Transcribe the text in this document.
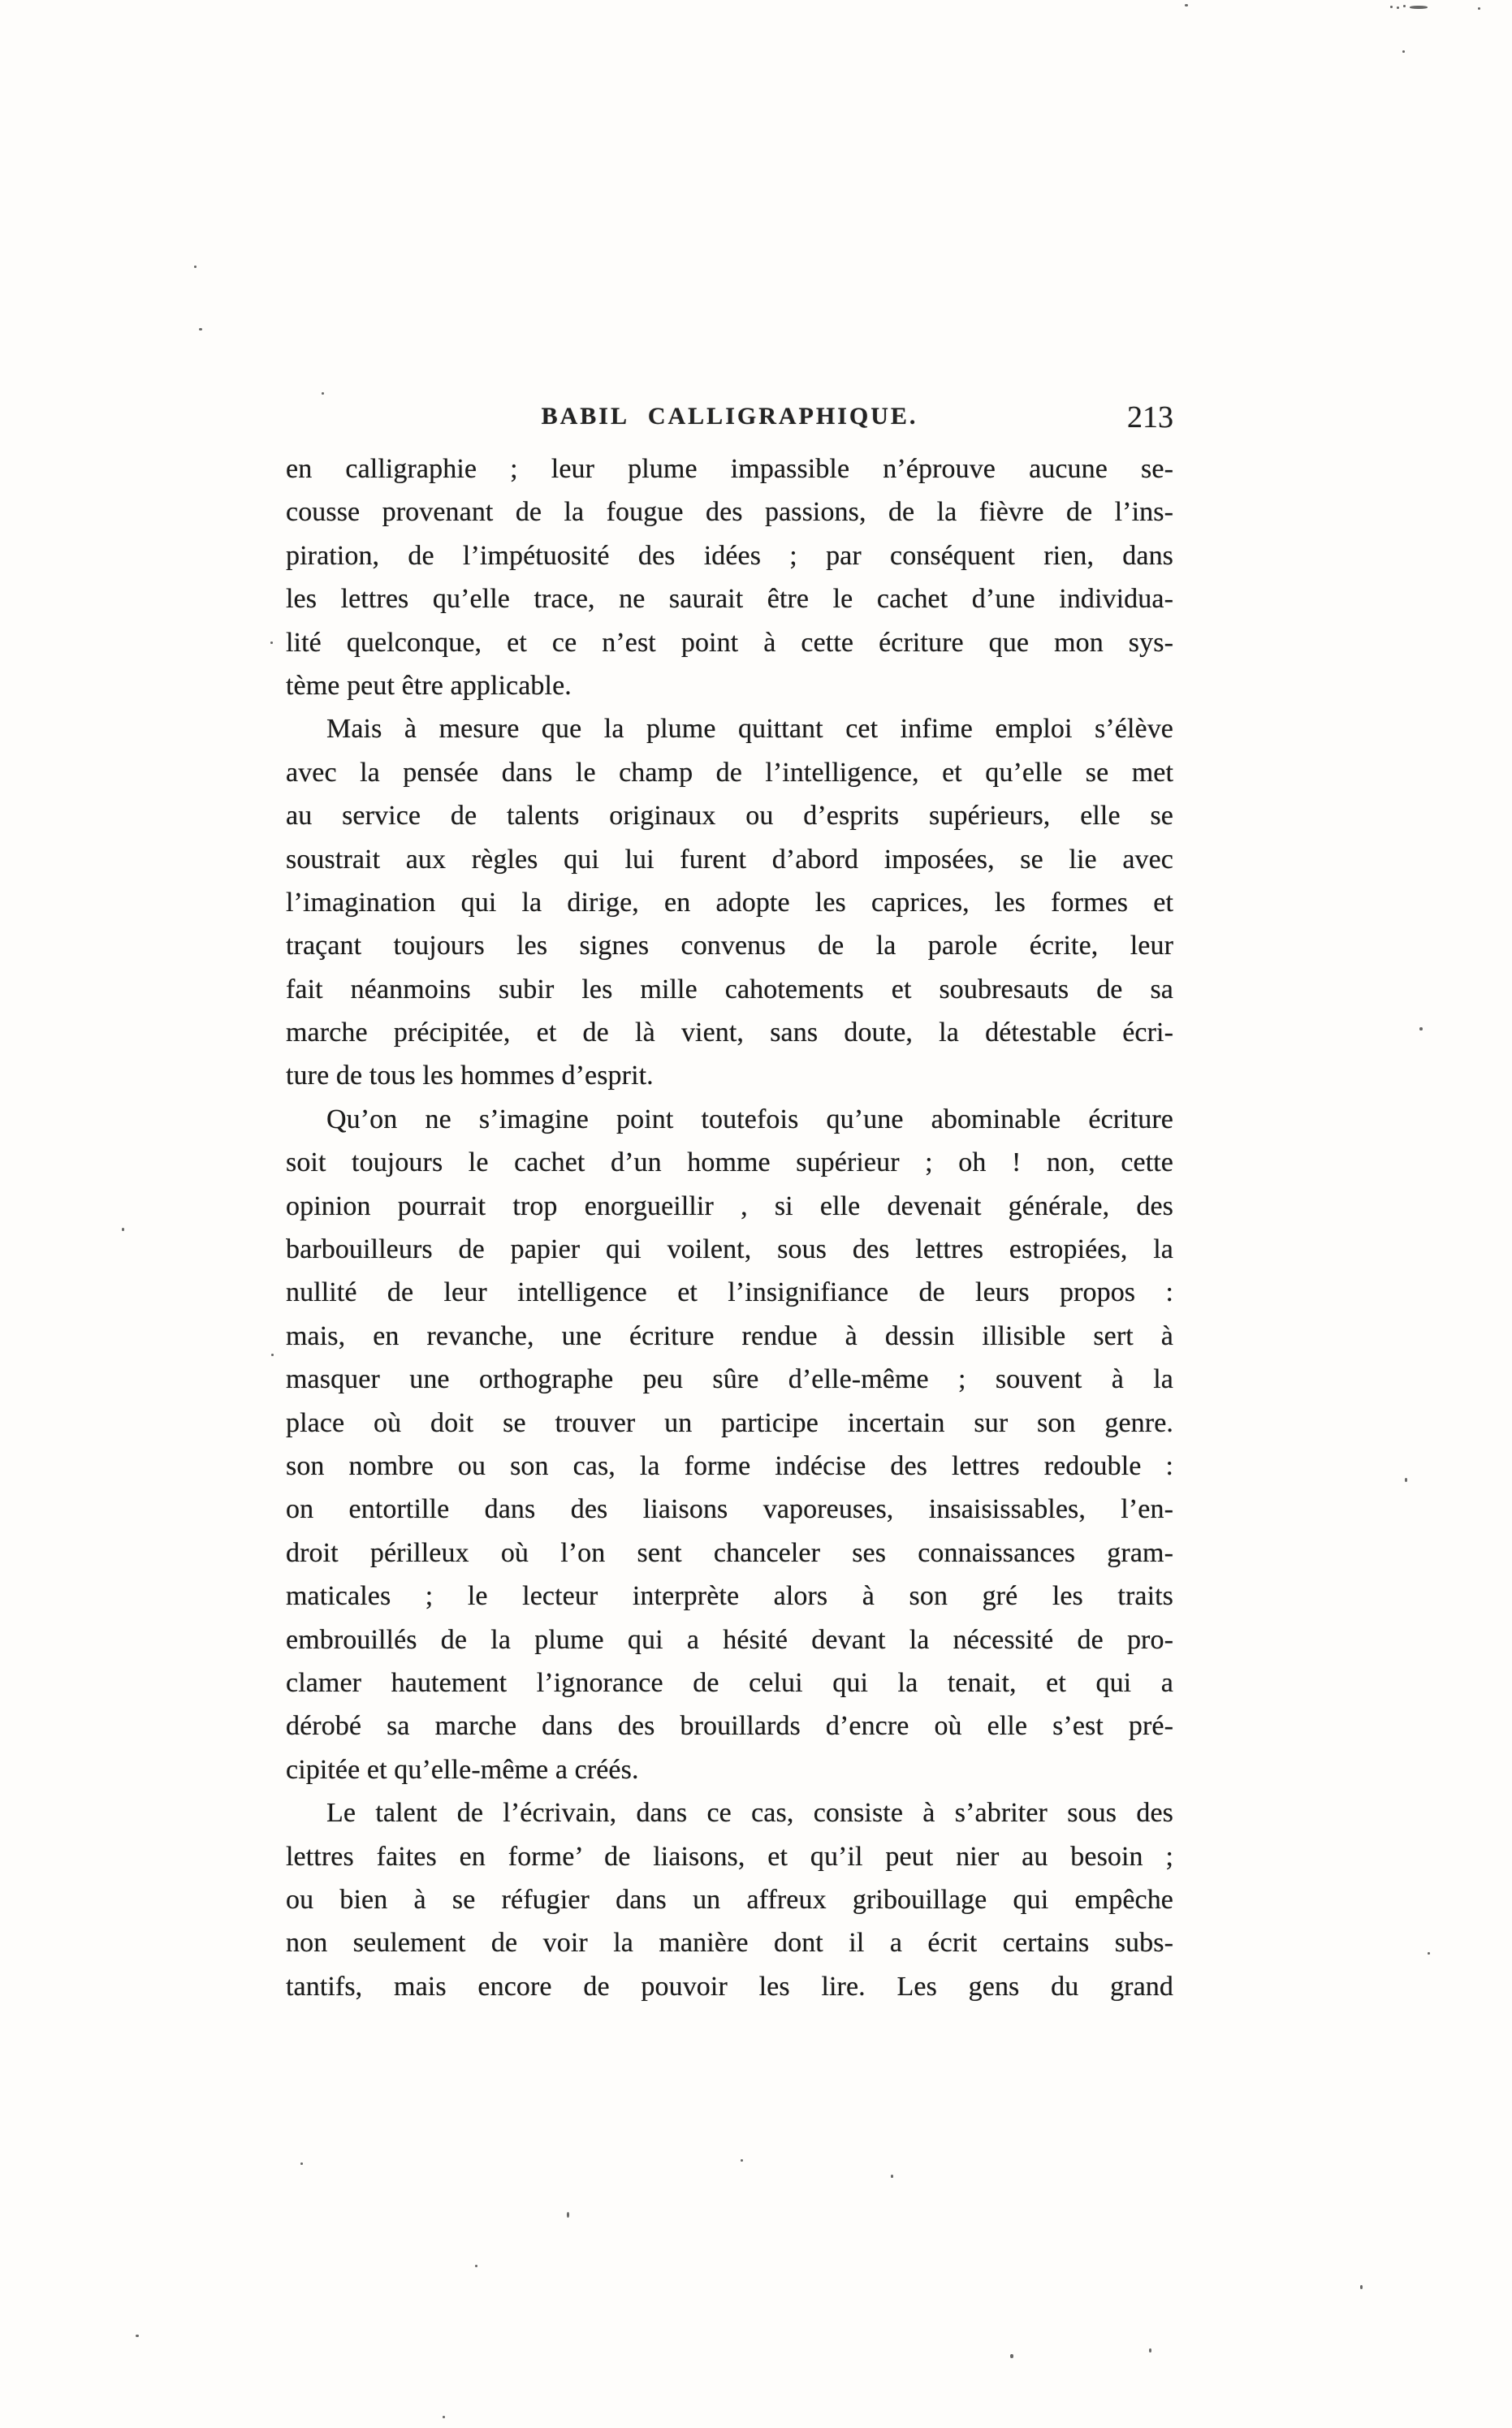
BABIL CALLIGRAPHIQUE.	213
en calligraphie ; leur plume impassible n’éprouve aucune se-
cousse provenant de la fougue des passions, de la fièvre de l’ins-
piration, de l’impétuosité des idées ; par conséquent rien, dans
les lettres qu’elle trace, ne saurait être le cachet d’une individua-
lité quelconque, et ce n’est point à cette écriture que mon sys-
tème peut être applicable.
Mais à mesure que la plume quittant cet infime emploi s’élève
avec la pensée dans le champ de l’intelligence, et qu’elle se met
au service de talents originaux ou d’esprits supérieurs, elle se
soustrait aux règles qui lui furent d’abord imposées, se lie avec
l’imagination qui la dirige, en adopte les caprices, les formes et
traçant toujours les signes convenus de la parole écrite, leur
fait néanmoins subir les mille cahotements et soubresauts de sa
marche précipitée, et de là vient, sans doute, la détestable écri-
ture de tous les hommes d’esprit.
Qu’on ne s’imagine point toutefois qu’une abominable écriture
soit toujours le cachet d’un homme supérieur ; oh ! non, cette
opinion pourrait trop enorgueillir , si elle devenait générale, des
barbouilleurs de papier qui voilent, sous des lettres estropiées, la
nullité de leur intelligence et l’insignifiance de leurs propos :
mais, en revanche, une écriture rendue à dessin illisible sert à
masquer une orthographe peu sûre d’elle-même ; souvent à la
place où doit se trouver un participe incertain sur son genre.
son nombre ou son cas, la forme indécise des lettres redouble :
on entortille dans des liaisons vaporeuses, insaisissables, l’en-
droit périlleux où l’on sent chanceler ses connaissances gram-
maticales ; le lecteur interprète alors à son gré les traits
embrouillés de la plume qui a hésité devant la nécessité de pro-
clamer hautement l’ignorance de celui qui la tenait, et qui a
dérobé sa marche dans des brouillards d’encre où elle s’est pré-
cipitée et qu’elle-même a créés.
Le talent de l’écrivain, dans ce cas, consiste à s’abriter sous des
lettres faites en forme’ de liaisons, et qu’il peut nier au besoin ;
ou bien à se réfugier dans un affreux gribouillage qui empêche
non seulement de voir la manière dont il a écrit certains subs-
tantifs, mais encore de pouvoir les lire. Les gens du grand
